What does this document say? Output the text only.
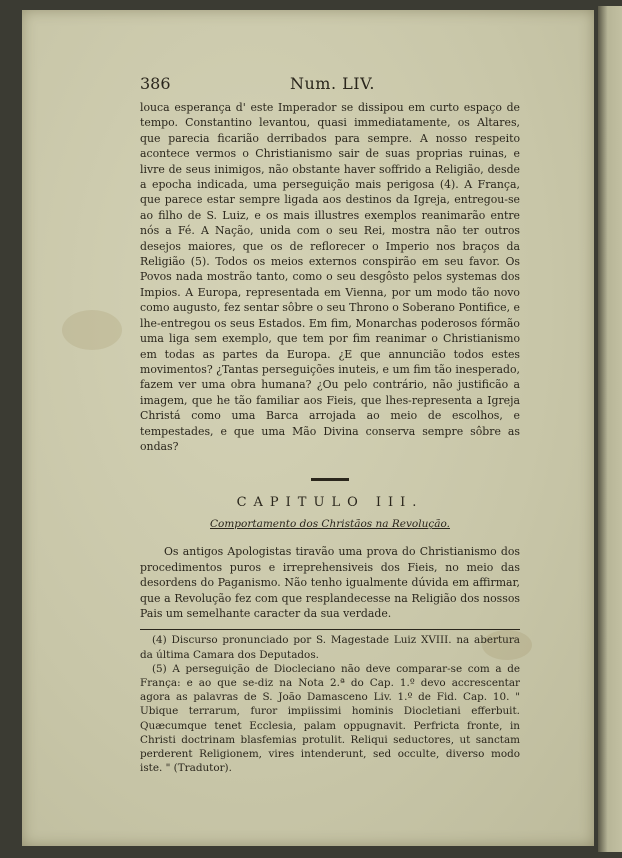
386	Num. LIV.

louca esperança d' este Imperador se dissipou em curto espaço de tempo. Constantino levantou, quasi immediatamente, os Altares, que parecia ficarião derribados para sempre. A nosso respeito acontece vermos o Christianismo sair de suas proprias ruinas, e livre de seus inimigos, não obstante haver soffrido a Religião, desde a epocha indicada, uma perseguição mais perigosa (4). A França, que parece estar sempre ligada aos destinos da Igreja, entregou-se ao filho de S. Luiz, e os mais illustres exemplos reanimarão entre nós a Fé. A Nação, unida com o seu Rei, mostra não ter outros desejos maiores, que os de reflorecer o Imperio nos braços da Religião (5). Todos os meios externos conspirão em seu favor. Os Povos nada mostrão tanto, como o seu desgôsto pelos systemas dos Impios. A Europa, representada em Vienna, por um modo tão novo como augusto, fez sentar sôbre o seu Throno o Soberano Pontifice, e lhe-entregou os seus Estados. Em fim, Monarchas poderosos fórmão uma liga sem exemplo, que tem por fim reanimar o Christianismo em todas as partes da Europa. ¿E que annuncião todos estes movimentos? ¿Tantas perseguições inuteis, e um fim tão inesperado, fazem ver uma obra humana? ¿Ou pelo contrário, não justificão a imagem, que he tão familiar aos Fieis, que lhes-representa a Igreja Christá como uma Barca arrojada ao meio de escolhos, e tempestades, e que uma Mão Divina conserva sempre sôbre as ondas?

CAPITULO III.
Comportamento dos Christãos na Revolução.

Os antigos Apologistas tiravão uma prova do Christianismo dos procedimentos puros e irreprehensiveis dos Fieis, no meio das desordens do Paganismo. Não tenho igualmente dúvida em affirmar, que a Revolução fez com que resplandecesse na Religião dos nossos Pais um semelhante caracter da sua verdade.

(4) Discurso pronunciado por S. Magestade Luiz XVIII. na abertura da última Camara dos Deputados.

(5) A perseguição de Diocleciano não deve comparar-se com a de França: e ao que se-diz na Nota 2.ª do Cap. 1.º devo accrescentar agora as palavras de S. João Damasceno Liv. 1.º de Fid. Cap. 10. " Ubique terrarum, furor impiissimi hominis Diocletiani efferbuit. Quæcumque tenet Ecclesia, palam oppugnavit. Perfricta fronte, in Christi doctrinam blasfemias protulit. Reliqui seductores, ut sanctam perderent Religionem, vires intenderunt, sed occulte, diverso modo iste. " (Tradutor).
